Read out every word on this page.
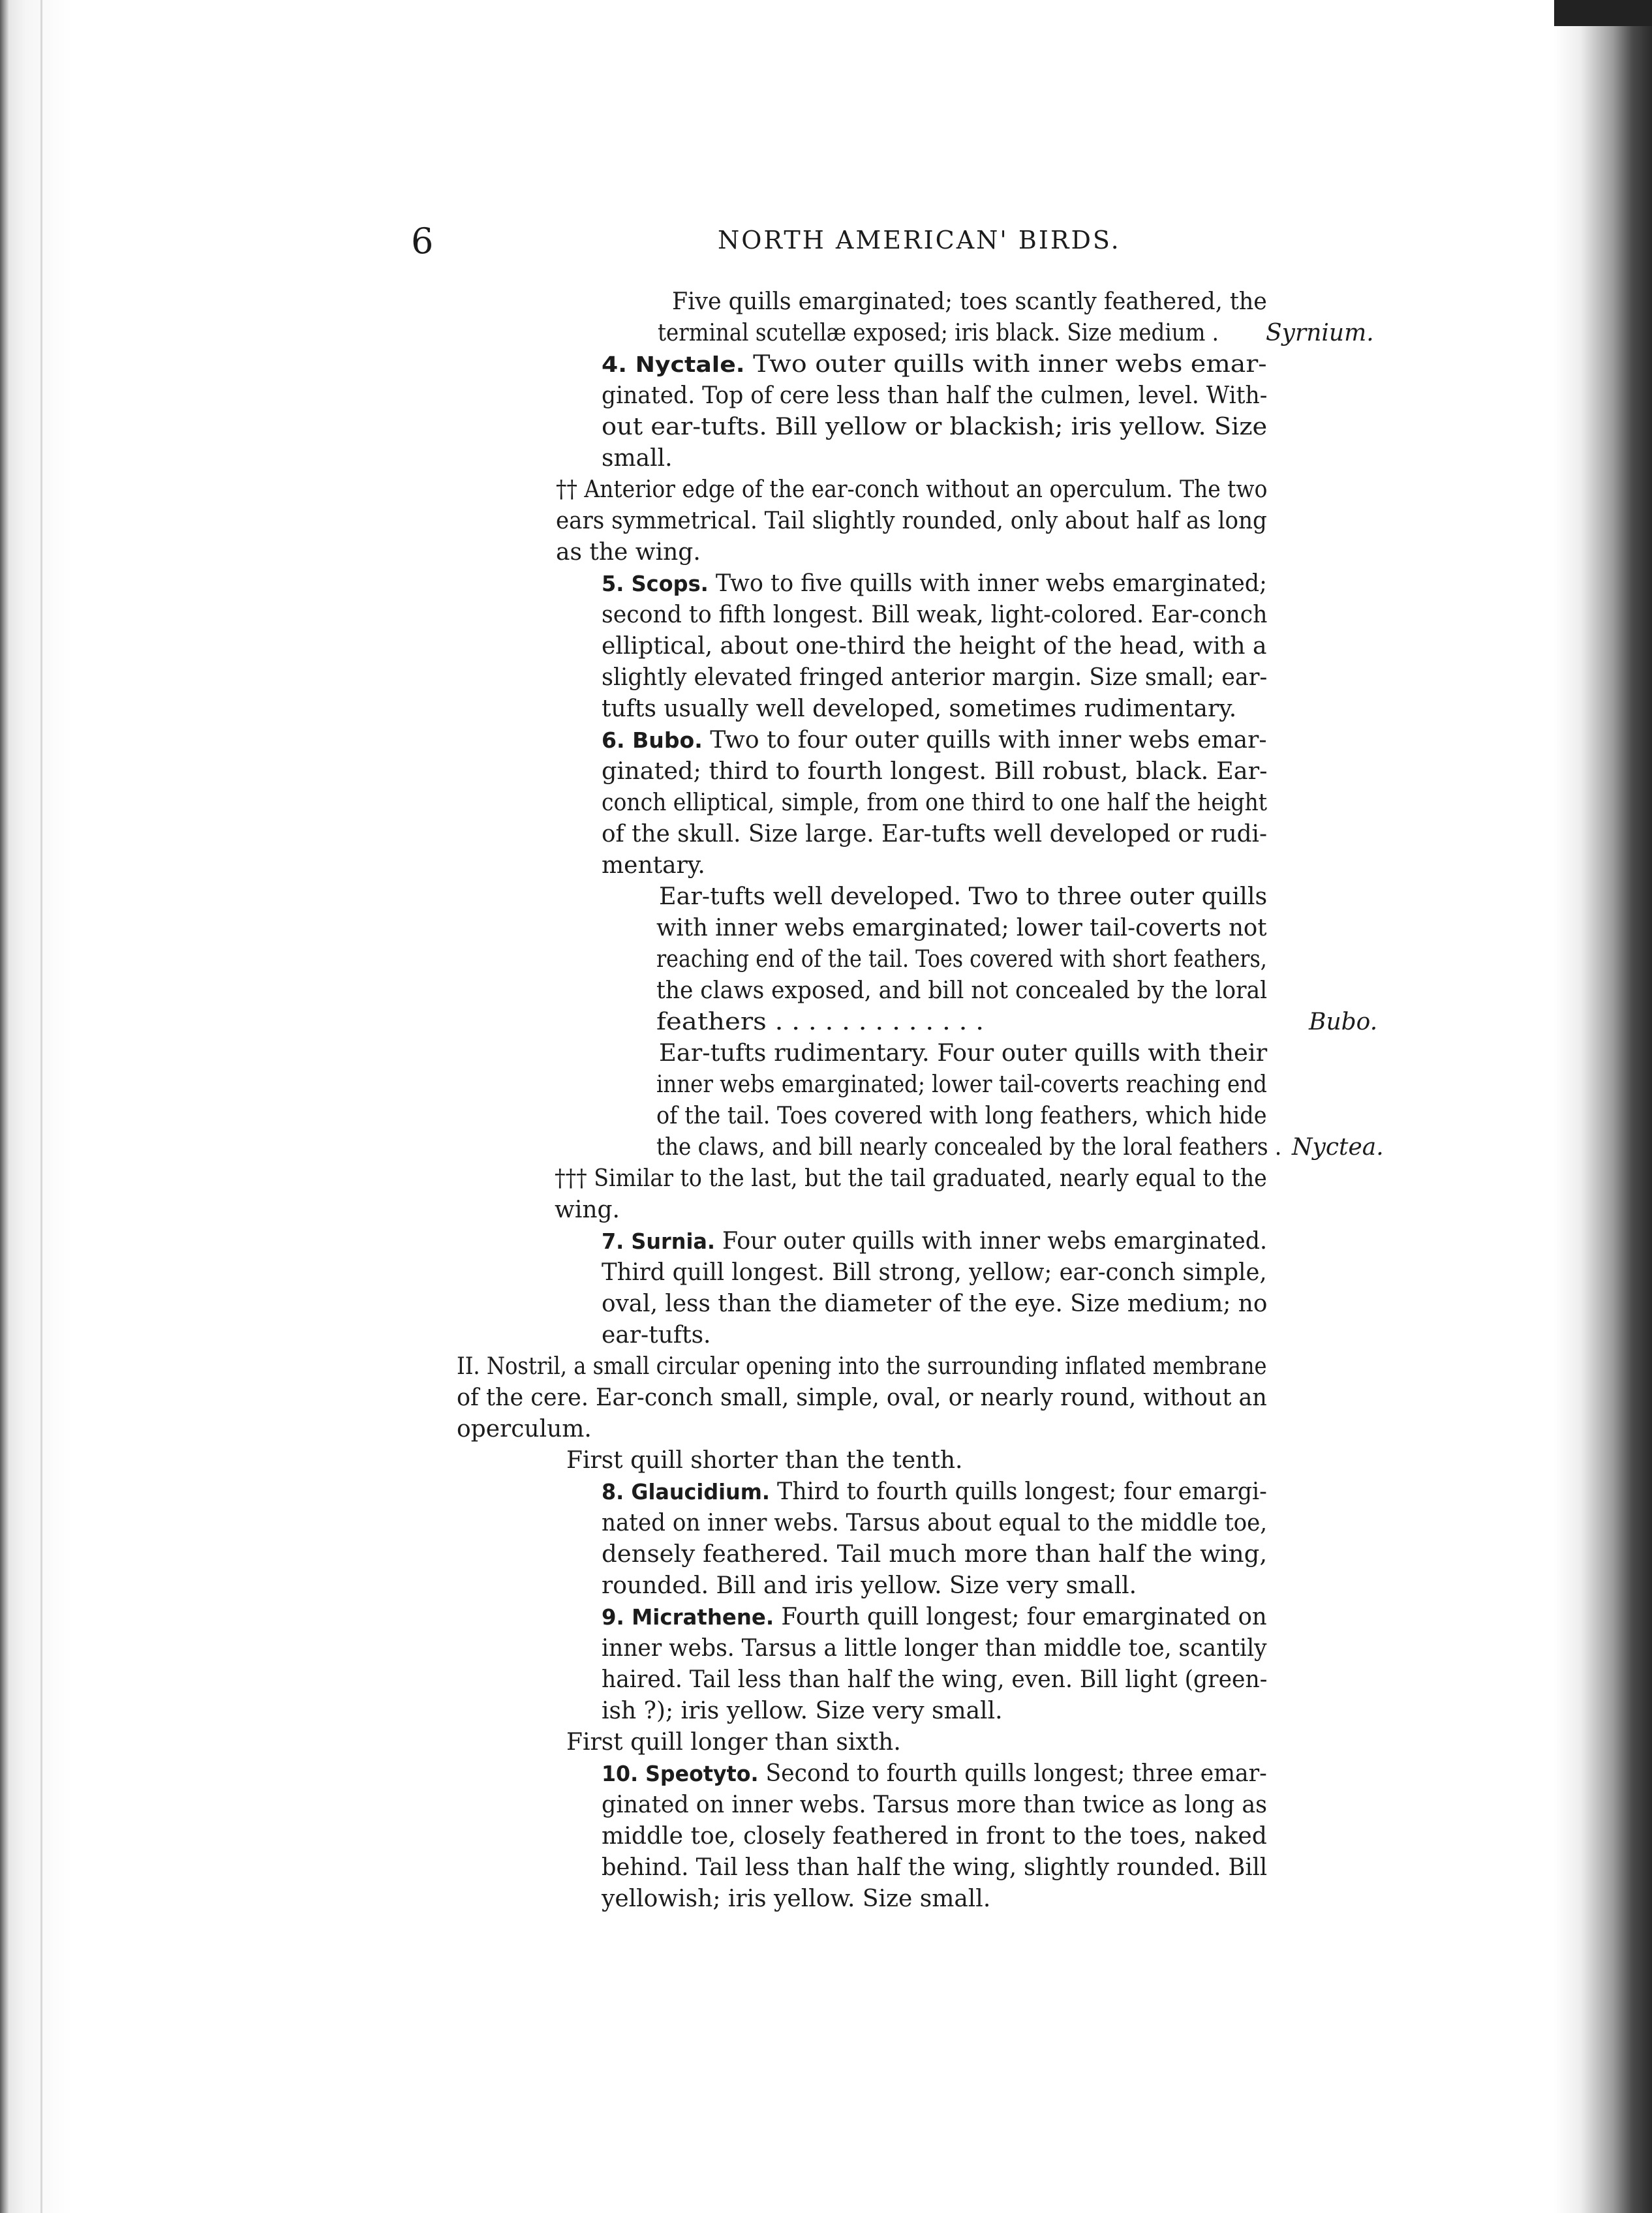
6	NORTH AMERICAN' BIRDS.
Five quills emarginated; toes scantly feathered, the
terminal scutellæ exposed; iris black. Size medium .
4. Nyctale. Two outer quills with inner webs emar-
ginated. Top of cere less than half the culmen, level. With-
out ear-tufts. Bill yellow or blackish; iris yellow. Size
small.
†† Anterior edge of the ear-conch without an operculum. The two
ears symmetrical. Tail slightly rounded, only about half as long
as the wing.
5. Scops. Two to five quills with inner webs emarginated;
second to fifth longest. Bill weak, light-colored. Ear-conch
elliptical, about one-third the height of the head, with a
slightly elevated fringed anterior margin. Size small; ear-
tufts usually well developed, sometimes rudimentary.
6. Bubo. Two to four outer quills with inner webs emar-
ginated; third to fourth longest. Bill robust, black. Ear-
conch elliptical, simple, from one third to one half the height
of the skull. Size large. Ear-tufts well developed or rudi-
mentary.
Ear-tufts well developed. Two to three outer quills
with inner webs emarginated; lower tail-coverts not
reaching end of the tail. Toes covered with short feathers,
the claws exposed, and bill not concealed by the loral
feathers . . . . . . . . . . . . .
Ear-tufts rudimentary. Four outer quills with their
inner webs emarginated; lower tail-coverts reaching end
of the tail. Toes covered with long feathers, which hide
the claws, and bill nearly concealed by the loral feathers .
††† Similar to the last, but the tail graduated, nearly equal to the
wing.
7. Surnia. Four outer quills with inner webs emarginated.
Third quill longest. Bill strong, yellow; ear-conch simple,
oval, less than the diameter of the eye. Size medium; no
ear-tufts.
II. Nostril, a small circular opening into the surrounding inflated membrane
of the cere. Ear-conch small, simple, oval, or nearly round, without an
operculum.
First quill shorter than the tenth.
8. Glaucidium. Third to fourth quills longest; four emargi-
nated on inner webs. Tarsus about equal to the middle toe,
densely feathered. Tail much more than half the wing,
rounded. Bill and iris yellow. Size very small.
9. Micrathene. Fourth quill longest; four emarginated on
inner webs. Tarsus a little longer than middle toe, scantily
haired. Tail less than half the wing, even. Bill light (green-
ish ?); iris yellow. Size very small.
First quill longer than sixth.
10. Speotyto. Second to fourth quills longest; three emar-
ginated on inner webs. Tarsus more than twice as long as
middle toe, closely feathered in front to the toes, naked
behind. Tail less than half the wing, slightly rounded. Bill
yellowish; iris yellow. Size small.
Syrnium.
Bubo.
Nyctea.
